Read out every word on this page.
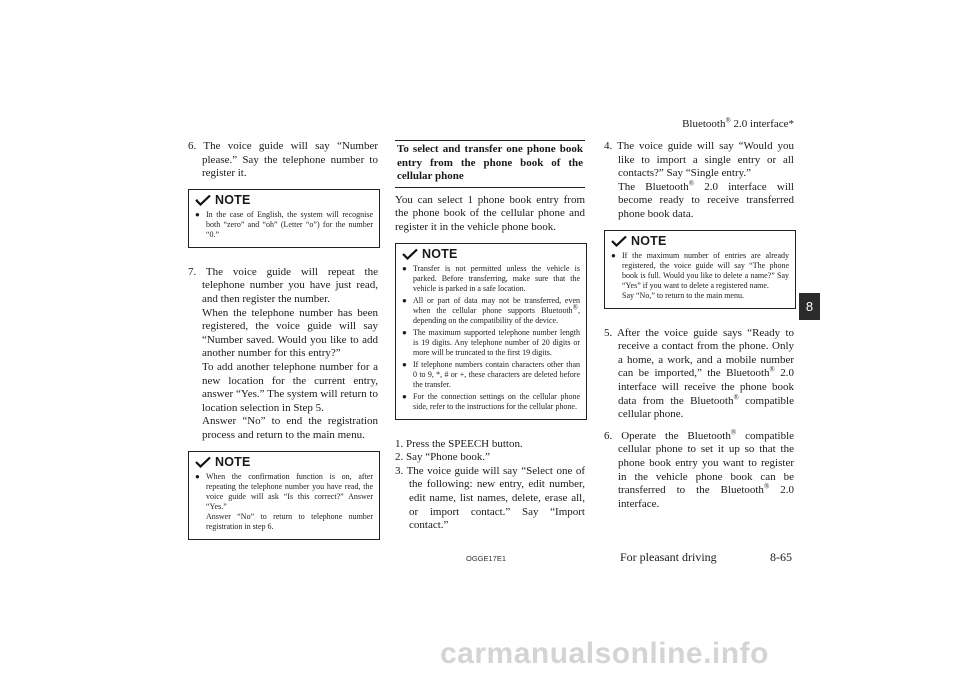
Bluetooth® 2.0 interface*
8
6. The voice guide will say “Number please.” Say the telephone number to register it.
NOTE
● In the case of English, the system will recognise both “zero” and “oh” (Letter “o”) for the number “0.”
7. The voice guide will repeat the telephone number you have just read, and then register the number.
When the telephone number has been registered, the voice guide will say “Number saved. Would you like to add another number for this entry?”
To add another telephone number for a new location for the current entry, answer “Yes.” The system will return to location selection in Step 5.
Answer “No” to end the registration process and return to the main menu.
NOTE
● When the confirmation function is on, after repeating the telephone number you have read, the voice guide will ask “Is this correct?” Answer “Yes.”
Answer “No” to return to telephone number registration in step 6.
To select and transfer one phone book entry from the phone book of the cellular phone
You can select 1 phone book entry from the phone book of the cellular phone and register it in the vehicle phone book.
NOTE
● Transfer is not permitted unless the vehicle is parked. Before transferring, make sure that the vehicle is parked in a safe location.
● All or part of data may not be transferred, even when the cellular phone supports Bluetooth®, depending on the compatibility of the device.
● The maximum supported telephone number length is 19 digits. Any telephone number of 20 digits or more will be truncated to the first 19 digits.
● If telephone numbers contain characters other than 0 to 9, *, # or +, these characters are deleted before the transfer.
● For the connection settings on the cellular phone side, refer to the instructions for the cellular phone.
1. Press the SPEECH button.
2. Say “Phone book.”
3. The voice guide will say “Select one of the following: new entry, edit number, edit name, list names, delete, erase all, or import contact.” Say “Import contact.”
4. The voice guide will say “Would you like to import a single entry or all contacts?” Say “Single entry.”
The Bluetooth® 2.0 interface will become ready to receive transferred phone book data.
NOTE
● If the maximum number of entries are already registered, the voice guide will say “The phone book is full. Would you like to delete a name?” Say “Yes” if you want to delete a registered name.
Say “No,” to return to the main menu.
5. After the voice guide says “Ready to receive a contact from the phone. Only a home, a work, and a mobile number can be imported,” the Bluetooth® 2.0 interface will receive the phone book data from the Bluetooth® compatible cellular phone.
6. Operate the Bluetooth® compatible cellular phone to set it up so that the phone book entry you want to register in the vehicle phone book can be transferred to the Bluetooth® 2.0 interface.
OGGE17E1	For pleasant driving	8-65
carmanualsonline.info
